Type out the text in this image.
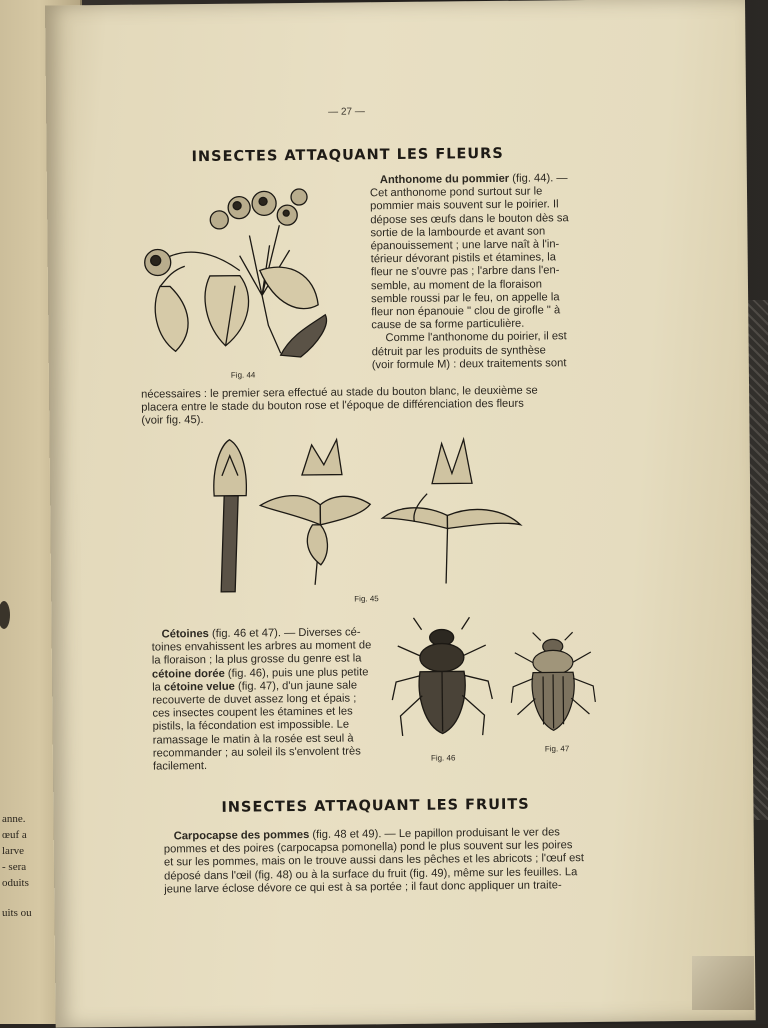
anne.
œuf a
larve
- sera
oduits
uits ou
— 27 —
INSECTES ATTAQUANT LES FLEURS
Fig. 44
Anthonome du pommier (fig. 44). —
Cet anthonome pond surtout sur le
pommier mais souvent sur le poirier. Il
dépose ses œufs dans le bouton dès sa
sortie de la lambourde et avant son
épanouissement ; une larve naît à l'in-
térieur dévorant pistils et étamines, la
fleur ne s'ouvre pas ; l'arbre dans l'en-
semble, au moment de la floraison
semble roussi par le feu, on appelle la
fleur non épanouie " clou de girofle " à
cause de sa forme particulière.
Comme l'anthonome du poirier, il est
détruit par les produits de synthèse
(voir formule M) : deux traitements sont
nécessaires : le premier sera effectué au stade du bouton blanc, le deuxième se
placera entre le stade du bouton rose et l'époque de différenciation des fleurs
(voir fig. 45).
Fig. 45
Cétoines (fig. 46 et 47). — Diverses cé-
toines envahissent les arbres au moment de
la floraison ; la plus grosse du genre est la
cétoine dorée (fig. 46), puis une plus petite
la cétoine velue (fig. 47), d'un jaune sale
recouverte de duvet assez long et épais ;
ces insectes coupent les étamines et les
pistils, la fécondation est impossible. Le
ramassage le matin à la rosée est seul à
recommander ; au soleil ils s'envolent très
facilement.
Fig. 46
Fig. 47
INSECTES ATTAQUANT LES FRUITS
Carpocapse des pommes (fig. 48 et 49). — Le papillon produisant le ver des
pommes et des poires (carpocapsa pomonella) pond le plus souvent sur les poires
et sur les pommes, mais on le trouve aussi dans les pêches et les abricots ; l'œuf est
déposé dans l'œil (fig. 48) ou à la surface du fruit (fig. 49), même sur les feuilles. La
jeune larve éclose dévore ce qui est à sa portée ; il faut donc appliquer un traite-
